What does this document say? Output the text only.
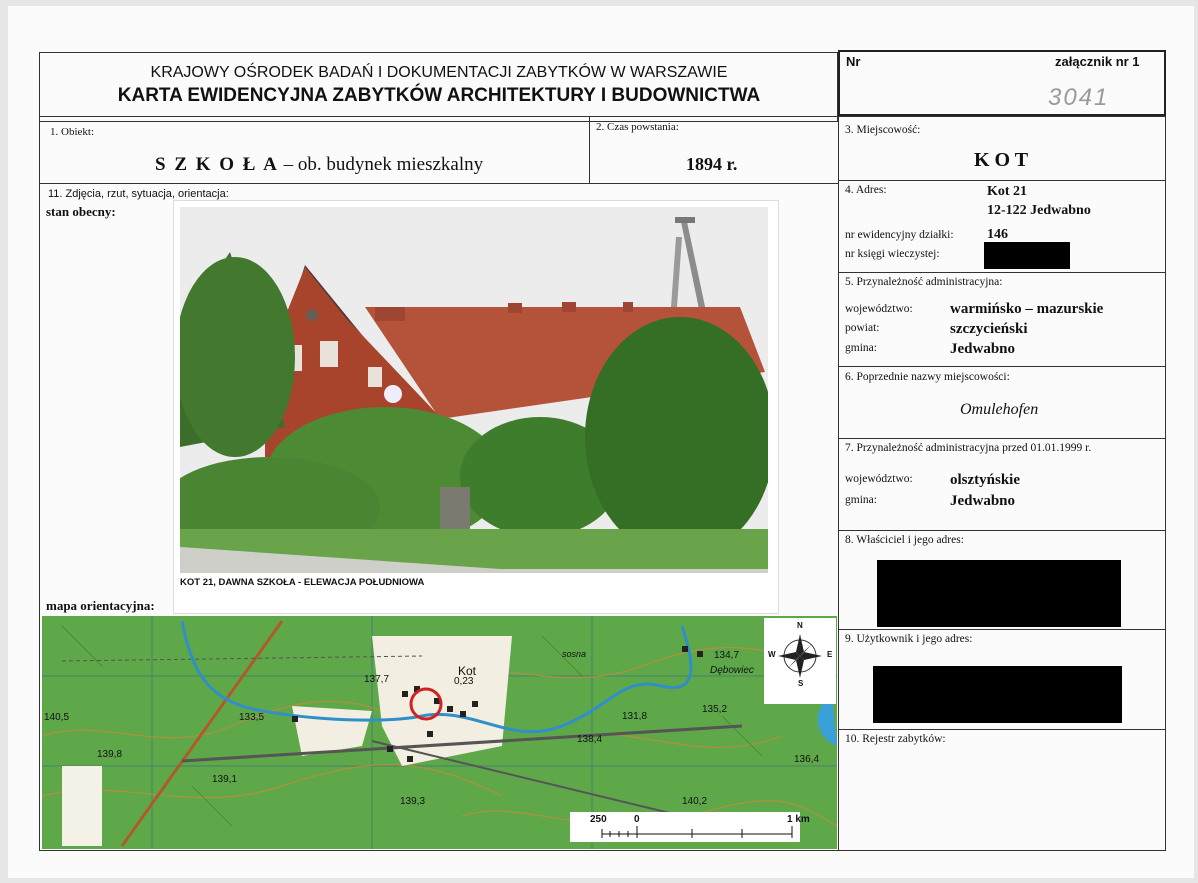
KRAJOWY OŚRODEK BADAŃ I DOKUMENTACJI ZABYTKÓW W WARSZAWIE
KARTA EWIDENCYJNA ZABYTKÓW ARCHITEKTURY I BUDOWNICTWA
Nr	załącznik nr 1
3041
1. Obiekt:
S Z K O Ł A – ob. budynek mieszkalny
2. Czas powstania:
1894 r.
3. Miejscowość:
K O T
11. Zdjęcia, rzut, sytuacja, orientacja:
stan obecny:
KOT 21, DAWNA SZKOŁA - ELEWACJA POŁUDNIOWA
mapa orientacyjna:
Kot
0,23
Dębowiec
sosna
137,7
140,5
139,8
139,1
139,3
138,4
131,8
135,2
134,7
136,4
140,2
133,5
N
S
E
W
250	0	1 km
4. Adres:	Kot 21
12-122 Jedwabno
nr ewidencyjny działki: 146
nr księgi wieczystej:
5. Przynależność administracyjna:
województwo: warmińsko – mazurskie
powiat:	szczycieński
gmina:	Jedwabno
6. Poprzednie nazwy miejscowości:
Omulehofen
7. Przynależność administracyjna przed 01.01.1999 r.
województwo: olsztyńskie
gmina:	Jedwabno
8. Właściciel i jego adres:
9. Użytkownik i jego adres:
10. Rejestr zabytków:
